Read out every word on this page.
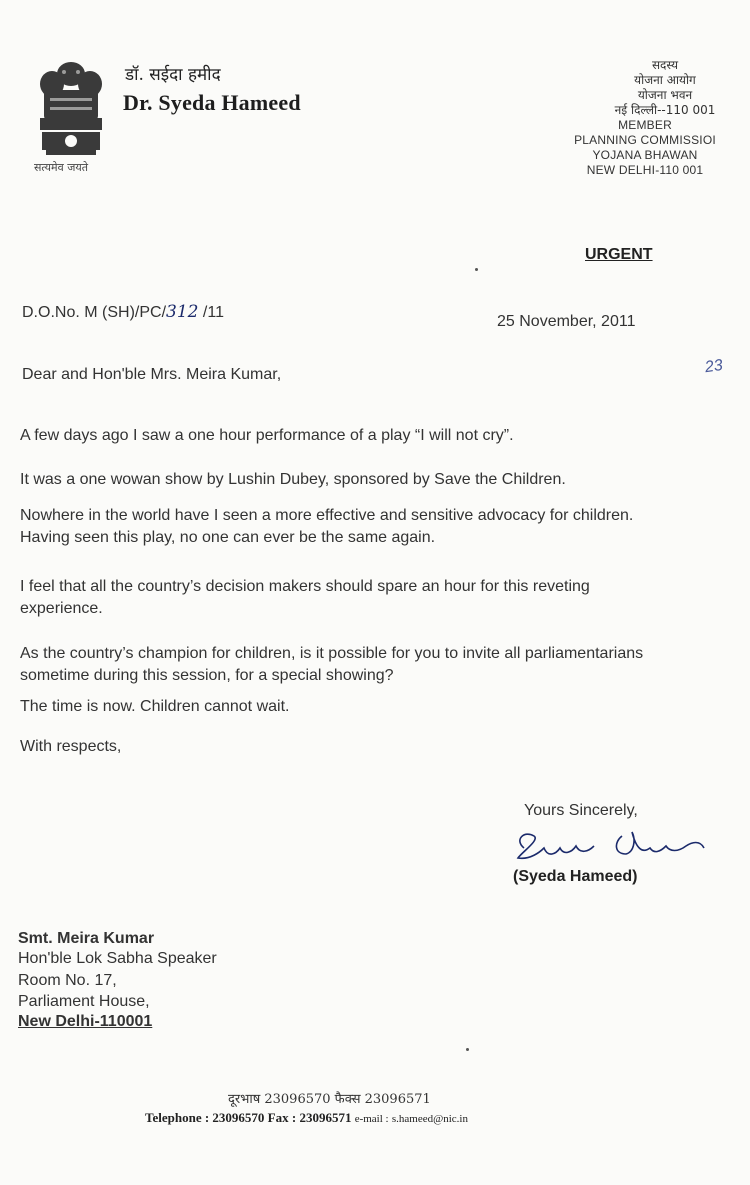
सत्यमेव जयते
डॉ. सईदा हमीद
Dr. Syeda Hameed
सदस्य
योजना आयोग
योजना भवन
नई दिल्ली--110 001
MEMBER
PLANNING COMMISSIOI
YOJANA BHAWAN
NEW DELHI-110 001
URGENT
D.O.No. M (SH)/PC/312 /11
25 November, 2011
23
Dear and Hon'ble Mrs. Meira Kumar,
A few days ago I saw a one hour performance of a play “I will not cry”.
It was a one wowan show by Lushin Dubey, sponsored by Save the Children.
Nowhere in the world have I seen a more effective and sensitive advocacy for children. Having seen this play, no one can ever be the same again.
I feel that all the country’s decision makers should spare an hour for this reveting experience.
As the country’s champion for children, is it possible for you to invite all parliamentarians sometime during this session, for a special showing?
The time is now. Children cannot wait.
With respects,
Yours Sincerely,
(Syeda Hameed)
Smt. Meira Kumar
Hon'ble Lok Sabha Speaker
Room No. 17,
Parliament House,
New Delhi-110001
दूरभाष 23096570 फैक्स 23096571
Telephone : 23096570 Fax : 23096571 e-mail : s.hameed@nic.in
